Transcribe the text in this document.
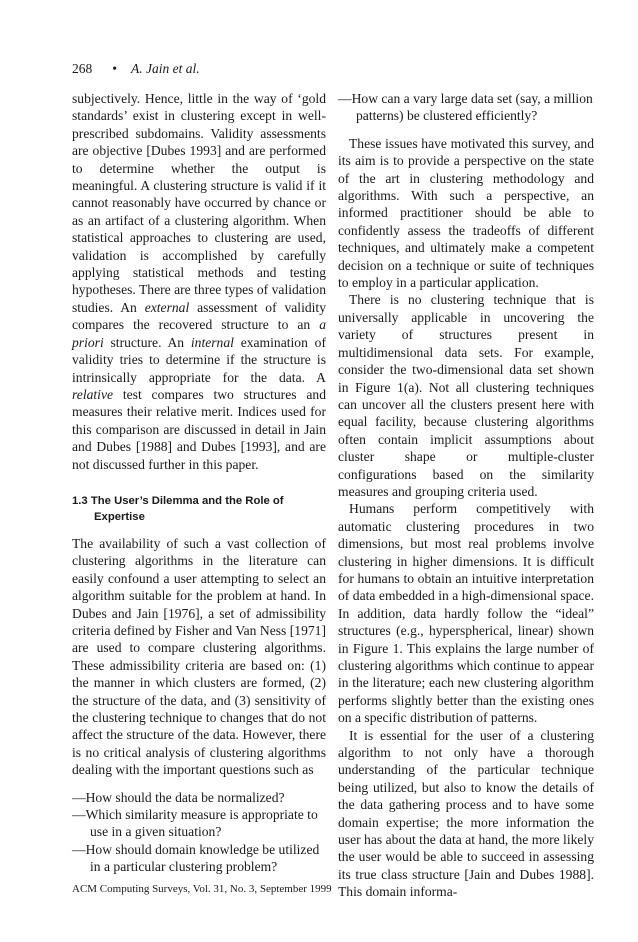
268 • A. Jain et al.

subjectively. Hence, little in the way of ‘gold standards’ exist in clustering except in well-prescribed subdomains. Validity assessments are objective [Dubes 1993] and are performed to determine whether the output is meaningful. A clustering structure is valid if it cannot reasonably have occurred by chance or as an artifact of a clustering algorithm. When statistical approaches to clustering are used, validation is accomplished by carefully applying statistical methods and testing hypotheses. There are three types of validation studies. An external assessment of validity compares the recovered structure to an a priori structure. An internal examination of validity tries to determine if the structure is intrinsically appropriate for the data. A relative test compares two structures and measures their relative merit. Indices used for this comparison are discussed in detail in Jain and Dubes [1988] and Dubes [1993], and are not discussed further in this paper.

1.3 The User’s Dilemma and the Role of Expertise

The availability of such a vast collection of clustering algorithms in the literature can easily confound a user attempting to select an algorithm suitable for the problem at hand. In Dubes and Jain [1976], a set of admissibility criteria defined by Fisher and Van Ness [1971] are used to compare clustering algorithms. These admissibility criteria are based on: (1) the manner in which clusters are formed, (2) the structure of the data, and (3) sensitivity of the clustering technique to changes that do not affect the structure of the data. However, there is no critical analysis of clustering algorithms dealing with the important questions such as

—How should the data be normalized?

—Which similarity measure is appropriate to use in a given situation?

—How should domain knowledge be utilized in a particular clustering problem?

—How can a vary large data set (say, a million patterns) be clustered efficiently?

These issues have motivated this survey, and its aim is to provide a perspective on the state of the art in clustering methodology and algorithms. With such a perspective, an informed practitioner should be able to confidently assess the tradeoffs of different techniques, and ultimately make a competent decision on a technique or suite of techniques to employ in a particular application.

There is no clustering technique that is universally applicable in uncovering the variety of structures present in multidimensional data sets. For example, consider the two-dimensional data set shown in Figure 1(a). Not all clustering techniques can uncover all the clusters present here with equal facility, because clustering algorithms often contain implicit assumptions about cluster shape or multiple-cluster configurations based on the similarity measures and grouping criteria used.

Humans perform competitively with automatic clustering procedures in two dimensions, but most real problems involve clustering in higher dimensions. It is difficult for humans to obtain an intuitive interpretation of data embedded in a high-dimensional space. In addition, data hardly follow the “ideal” structures (e.g., hyperspherical, linear) shown in Figure 1. This explains the large number of clustering algorithms which continue to appear in the literature; each new clustering algorithm performs slightly better than the existing ones on a specific distribution of patterns.

It is essential for the user of a clustering algorithm to not only have a thorough understanding of the particular technique being utilized, but also to know the details of the data gathering process and to have some domain expertise; the more information the user has about the data at hand, the more likely the user would be able to succeed in assessing its true class structure [Jain and Dubes 1988]. This domain informa-

ACM Computing Surveys, Vol. 31, No. 3, September 1999
